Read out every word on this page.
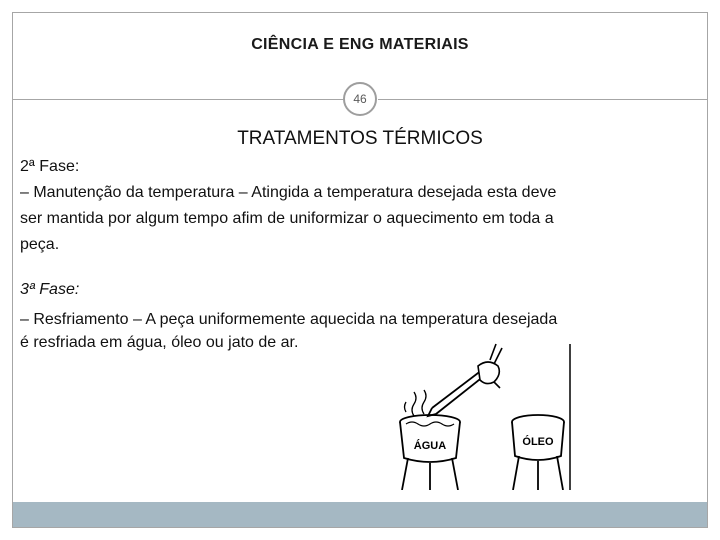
CIÊNCIA E ENG MATERIAIS
46
TRATAMENTOS TÉRMICOS
2ª Fase:
– Manutenção da temperatura – Atingida a temperatura desejada esta deve
ser mantida por algum tempo afim de uniformizar o aquecimento em toda a
peça.
3ª Fase:
– Resfriamento – A peça uniformemente aquecida na temperatura desejada
é resfriada em água, óleo ou jato de ar.
ÁGUA	ÓLEO
